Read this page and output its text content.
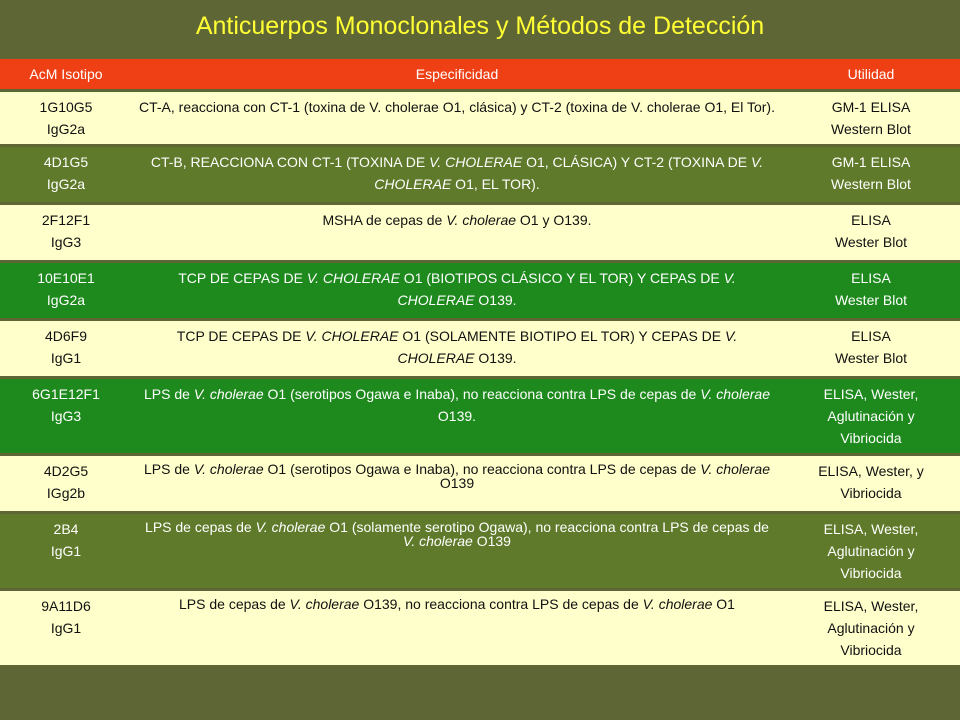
Anticuerpos Monoclonales y Métodos de Detección
AcM Isotipo	Especificidad	Utilidad

1G10G5
IgG2a	CT-A, reacciona con CT-1 (toxina de V. cholerae O1, clásica) y CT-2 (toxina de V. cholerae O1, El Tor).	GM-1 ELISA
Western Blot

4D1G5
IgG2a	CT-B, REACCIONA CON CT-1 (TOXINA DE V. CHOLERAE O1, CLÁSICA) Y CT-2 (TOXINA DE V. CHOLERAE O1, EL TOR).	GM-1 ELISA
Western Blot

2F12F1
IgG3	MSHA de cepas de V. cholerae O1 y O139.	ELISA
Wester Blot

10E10E1
IgG2a	TCP DE CEPAS DE V. CHOLERAE O1 (BIOTIPOS CLÁSICO Y EL TOR) Y CEPAS DE V. CHOLERAE O139.	ELISA
Wester Blot

4D6F9
IgG1	TCP DE CEPAS DE V. CHOLERAE O1 (SOLAMENTE BIOTIPO EL TOR) Y CEPAS DE V. CHOLERAE O139.	ELISA
Wester Blot

6G1E12F1
IgG3	LPS de V. cholerae O1 (serotipos Ogawa e Inaba), no reacciona contra LPS de cepas de V. cholerae O139.	ELISA, Wester,
Aglutinación y
Vibriocida

4D2G5
IGg2b	LPS de V. cholerae O1 (serotipos Ogawa e Inaba), no reacciona contra LPS de cepas de V. cholerae O139	ELISA, Wester, y
Vibriocida

2B4
IgG1	LPS de cepas de V. cholerae O1 (solamente serotipo Ogawa), no reacciona contra LPS de cepas de V. cholerae O139	ELISA, Wester,
Aglutinación y
Vibriocida

9A11D6
IgG1	LPS de cepas de V. cholerae O139, no reacciona contra LPS de cepas de V. cholerae O1	ELISA, Wester,
Aglutinación y
Vibriocida
